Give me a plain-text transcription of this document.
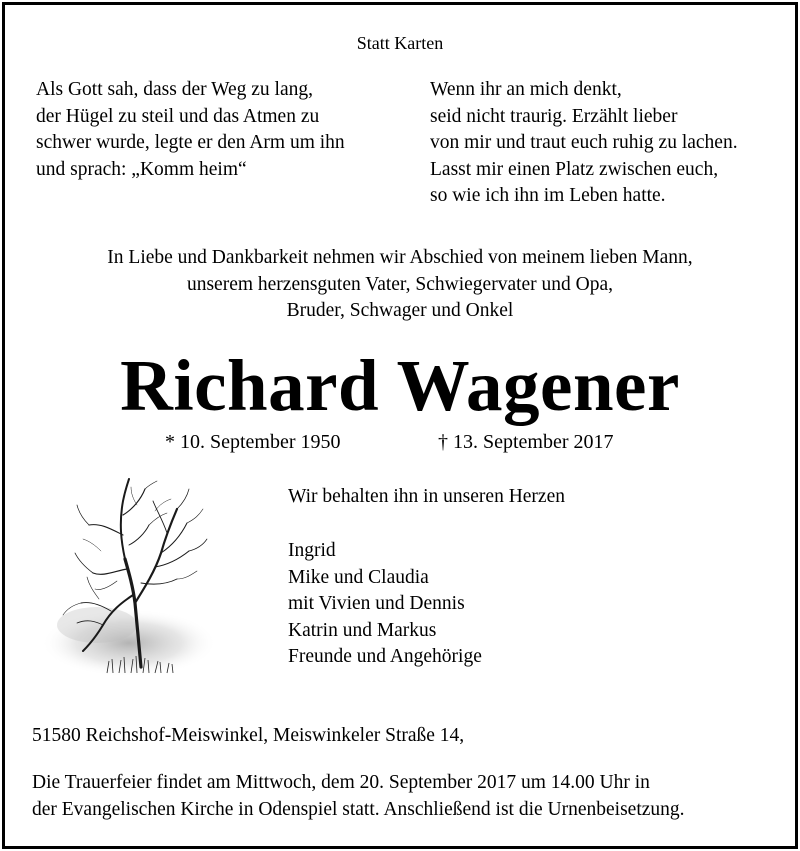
Statt Karten

Als Gott sah, dass der Weg zu lang,
der Hügel zu steil und das Atmen zu
schwer wurde, legte er den Arm um ihn
und sprach: „Komm heim“
Wenn ihr an mich denkt,
seid nicht traurig. Erzählt lieber
von mir und traut euch ruhig zu lachen.
Lasst mir einen Platz zwischen euch,
so wie ich ihn im Leben hatte.
In Liebe und Dankbarkeit nehmen wir Abschied von meinem lieben Mann,
unserem herzensguten Vater, Schwiegervater und Opa,
Bruder, Schwager und Onkel
Richard Wagener

* 10. September 1950	† 13. September 2017

Wir behalten ihn in unseren Herzen

Ingrid
Mike und Claudia
mit Vivien und Dennis
Katrin und Markus
Freunde und Angehörige

51580 Reichshof-Meiswinkel, Meiswinkeler Straße 14,

Die Trauerfeier findet am Mittwoch, dem 20. September 2017 um 14.00 Uhr in
der Evangelischen Kirche in Odenspiel statt. Anschließend ist die Urnenbeisetzung.
